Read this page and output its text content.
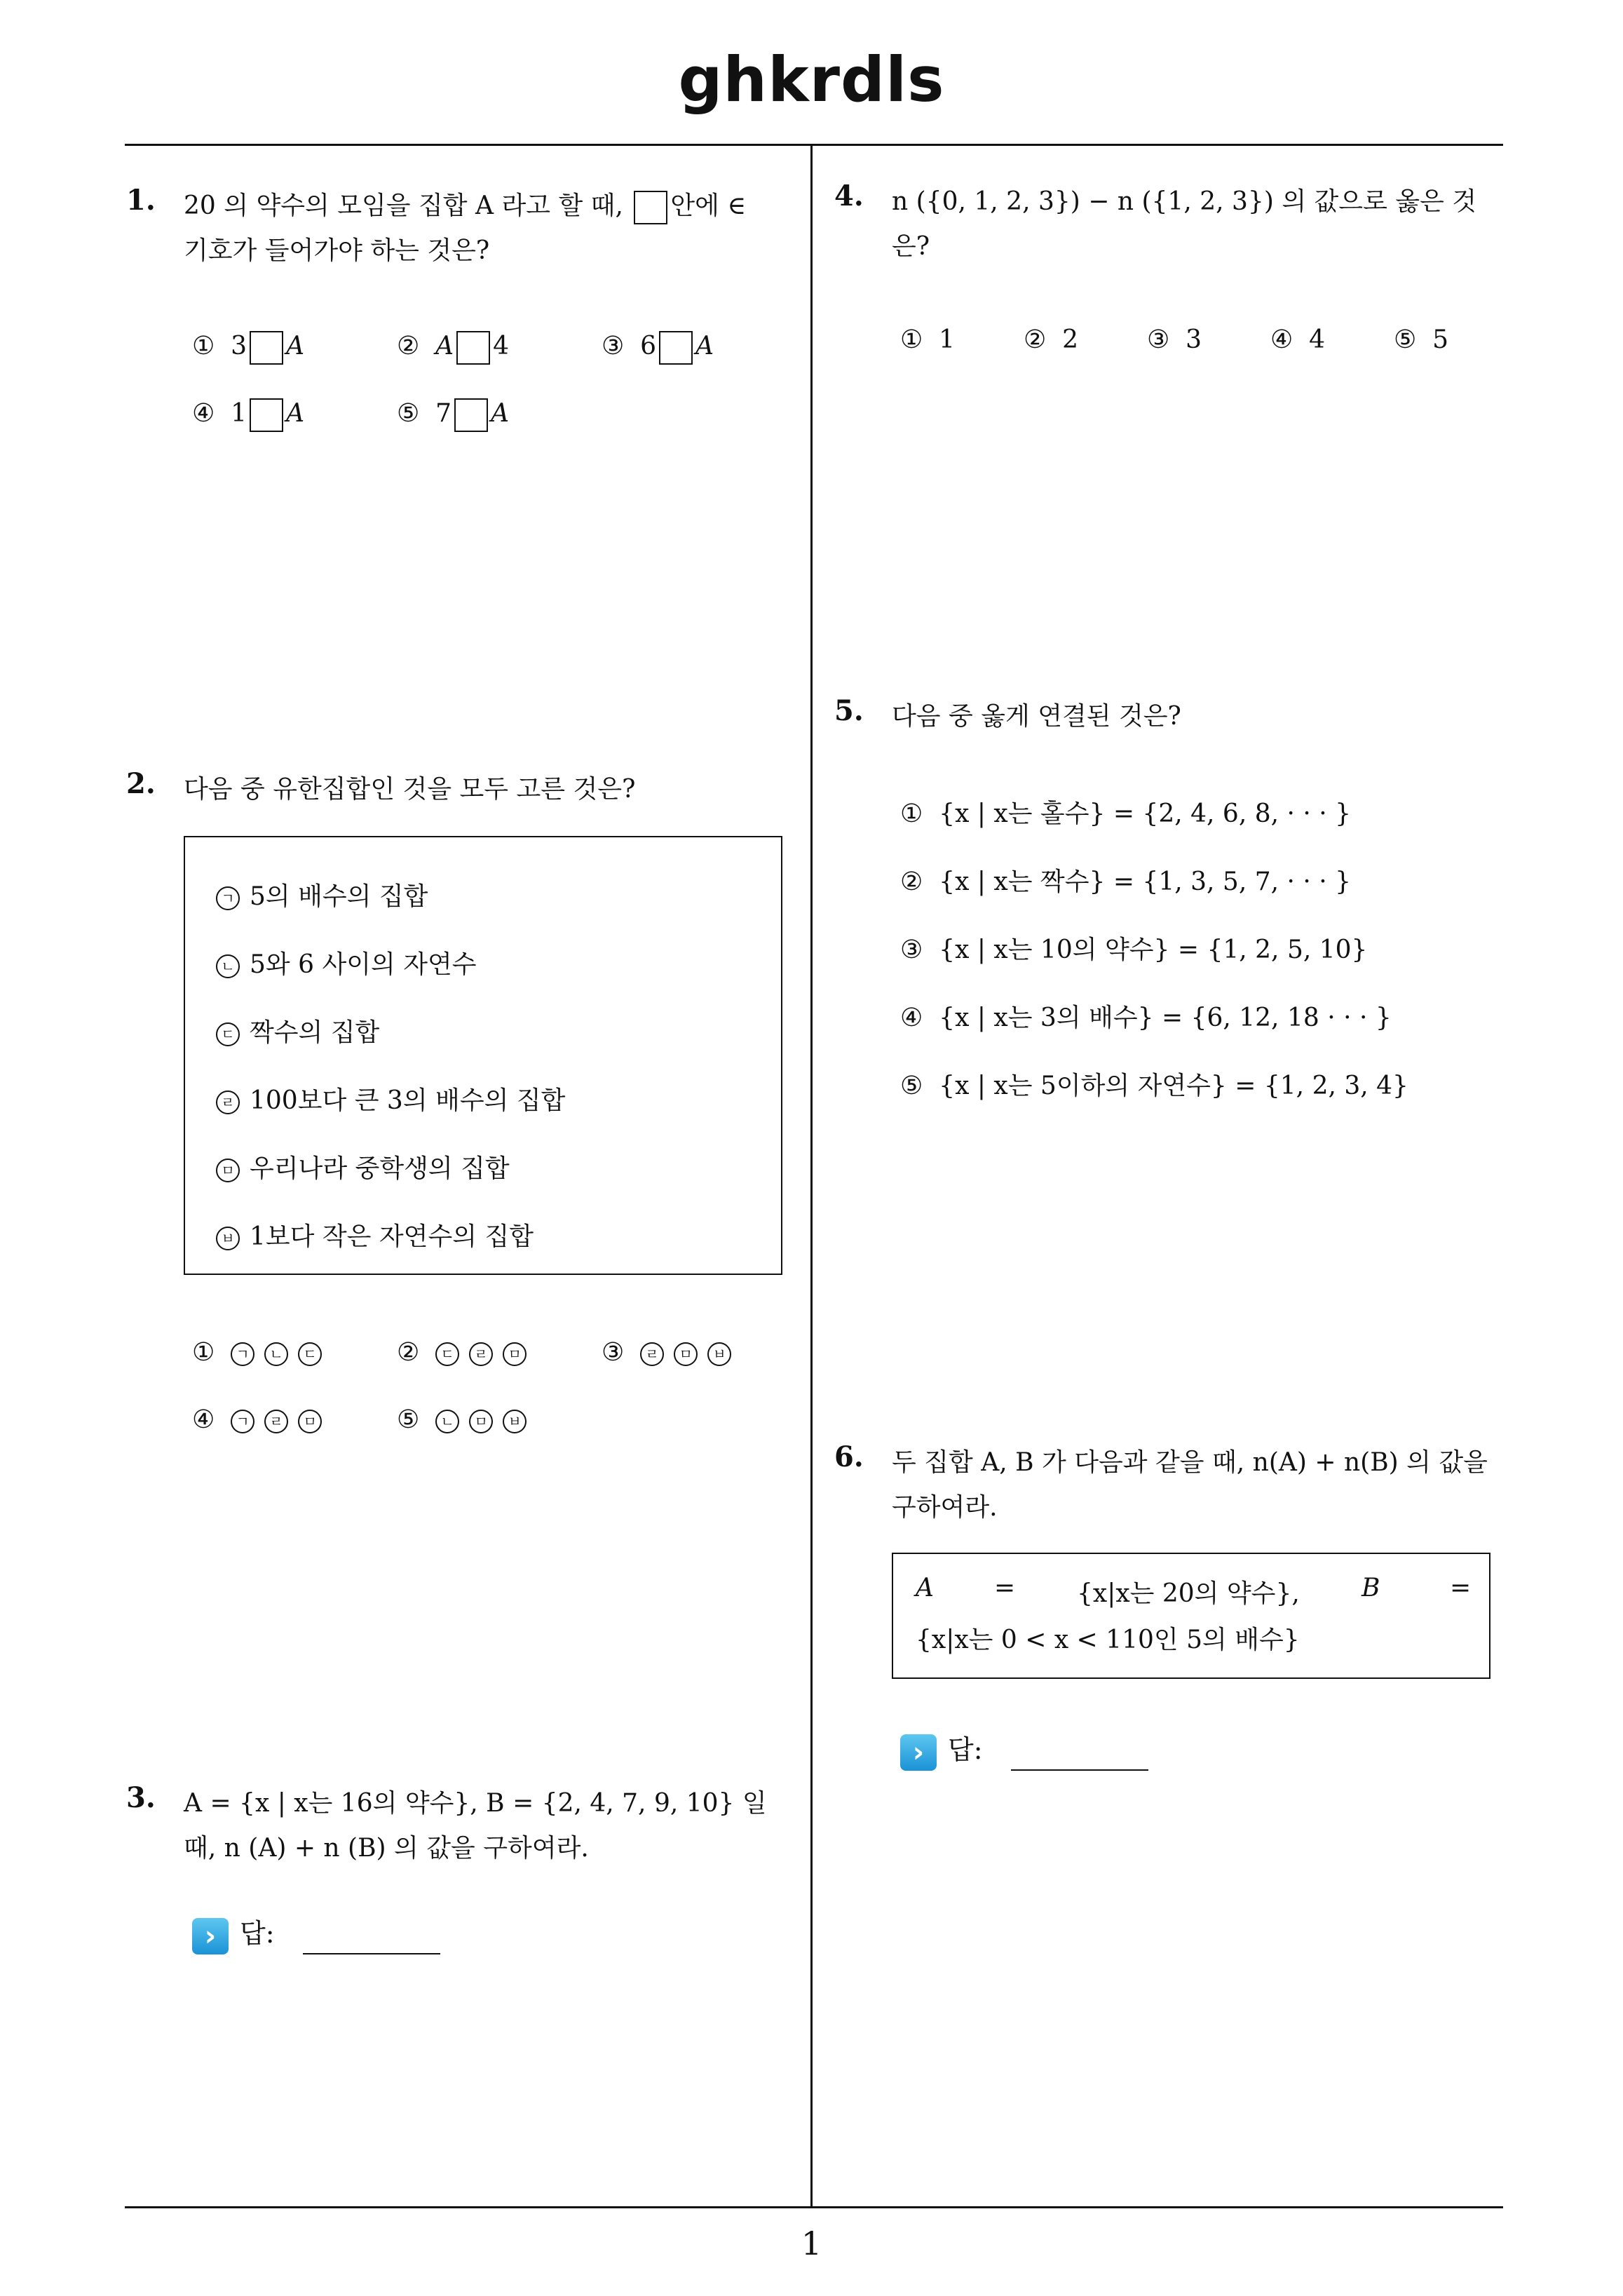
ghkrdls
1
1. 20 의 약수의 모임을 집합 A 라고 할 때, 안에 ∈
기호가 들어가야 하는 것은?
① 3 A	② A 4	③ 6 A
④ 1 A	⑤ 7 A
2. 다음 중 유한집합인 것을 모두 고른 것은?
ㄱ 5의 배수의 집합
ㄴ 5와 6 사이의 자연수
ㄷ 짝수의 집합
ㄹ 100보다 큰 3의 배수의 집합
ㅁ 우리나라 중학생의 집합
ㅂ 1보다 작은 자연수의 집합
① ㄱ ㄴ ㄷ	② ㄷ ㄹ ㅁ	③ ㄹ ㅁ ㅂ
④ ㄱ ㄹ ㅁ	⑤ ㄴ ㅁ ㅂ
3. A = {x | x는 16의 약수}, B = {2, 4, 7, 9, 10} 일
때, n (A) + n (B) 의 값을 구하여라.
› 답:
4. n ({0, 1, 2, 3}) − n ({1, 2, 3}) 의 값으로 옳은 것
은?
① 1	② 2	③ 3	④ 4	⑤ 5
5. 다음 중 옳게 연결된 것은?
① {x | x는 홀수} = {2, 4, 6, 8, · · · }
② {x | x는 짝수} = {1, 3, 5, 7, · · · }
③ {x | x는 10의 약수} = {1, 2, 5, 10}
④ {x | x는 3의 배수} = {6, 12, 18 · · · }
⑤ {x | x는 5이하의 자연수} = {1, 2, 3, 4}
6. 두 집합 A, B 가 다음과 같을 때, n(A) + n(B) 의 값을
구하여라.
A = {x|x는 20의 약수}, B	=
{x|x는 0 < x < 110인 5의 배수}
› 답:
